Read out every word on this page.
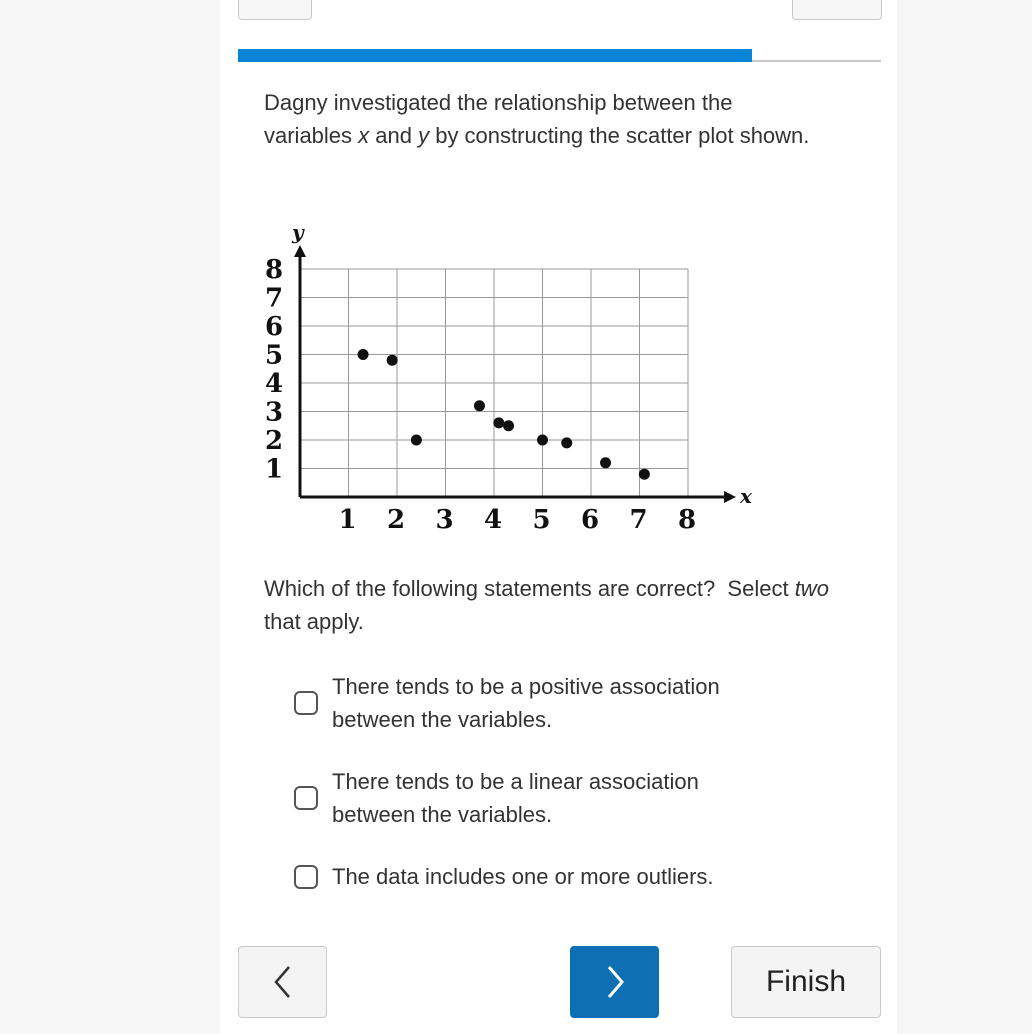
Dagny investigated the relationship between the variables x and y by constructing the scatter plot shown.
x
y
1 2 3 4 5 6 7 8
1
2
3
4
5
6
7
8
Which of the following statements are correct?  Select two that apply.
There tends to be a positive association between the variables.
There tends to be a linear association between the variables.
The data includes one or more outliers.
Finish
